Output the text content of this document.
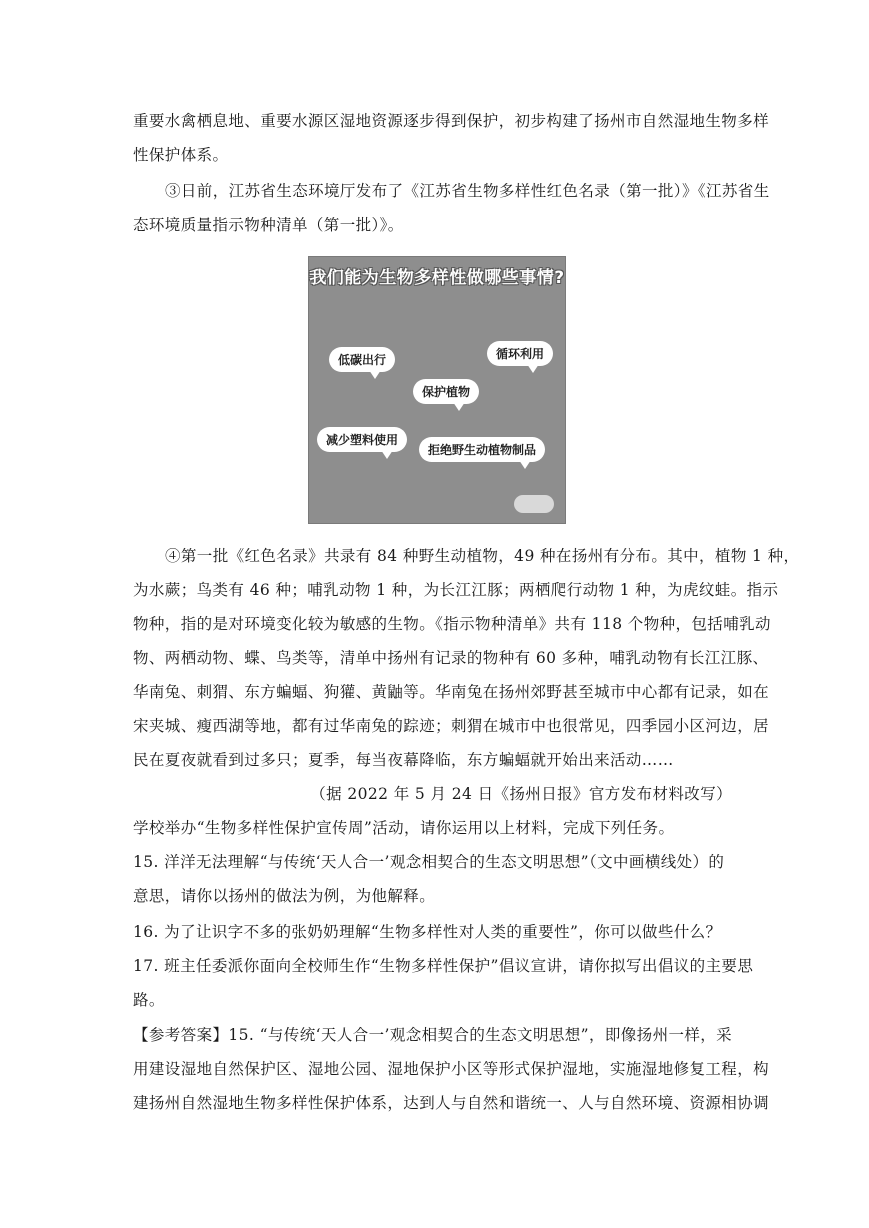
重要水禽栖息地、重要水源区湿地资源逐步得到保护，初步构建了扬州市自然湿地生物多样
性保护体系。
③日前，江苏省生态环境厅发布了《江苏省生物多样性红色名录（第一批）》《江苏省生
态环境质量指示物种清单（第一批）》。
我们能为生物多样性做哪些事情?
低碳出行	循环利用
保护植物
减少塑料使用
拒绝野生动植物制品
④第一批《红色名录》共录有 84 种野生动植物，49 种在扬州有分布。其中，植物 1 种，
为水蕨；鸟类有 46 种；哺乳动物 1 种，为长江江豚；两栖爬行动物 1 种，为虎纹蛙。指示
物种，指的是对环境变化较为敏感的生物。《指示物种清单》共有 118 个物种，包括哺乳动
物、两栖动物、蝶、鸟类等，清单中扬州有记录的物种有 60 多种，哺乳动物有长江江豚、
华南兔、刺猬、东方蝙蝠、狗獾、黄鼬等。华南兔在扬州郊野甚至城市中心都有记录，如在
宋夹城、瘦西湖等地，都有过华南兔的踪迹；刺猬在城市中也很常见，四季园小区河边，居
民在夏夜就看到过多只；夏季，每当夜幕降临，东方蝙蝠就开始出来活动……
（据 2022 年 5 月 24 日《扬州日报》官方发布材料改写）
学校举办“生物多样性保护宣传周”活动，请你运用以上材料，完成下列任务。
15. 洋洋无法理解“与传统‘天人合一’观念相契合的生态文明思想”（文中画横线处）的
意思，请你以扬州的做法为例，为他解释。
16. 为了让识字不多的张奶奶理解“生物多样性对人类的重要性”，你可以做些什么？
17. 班主任委派你面向全校师生作“生物多样性保护”倡议宣讲，请你拟写出倡议的主要思
路。
【参考答案】15. “与传统‘天人合一’观念相契合的生态文明思想”，即像扬州一样，采
用建设湿地自然保护区、湿地公园、湿地保护小区等形式保护湿地，实施湿地修复工程，构
建扬州自然湿地生物多样性保护体系，达到人与自然和谐统一、人与自然环境、资源相协调
